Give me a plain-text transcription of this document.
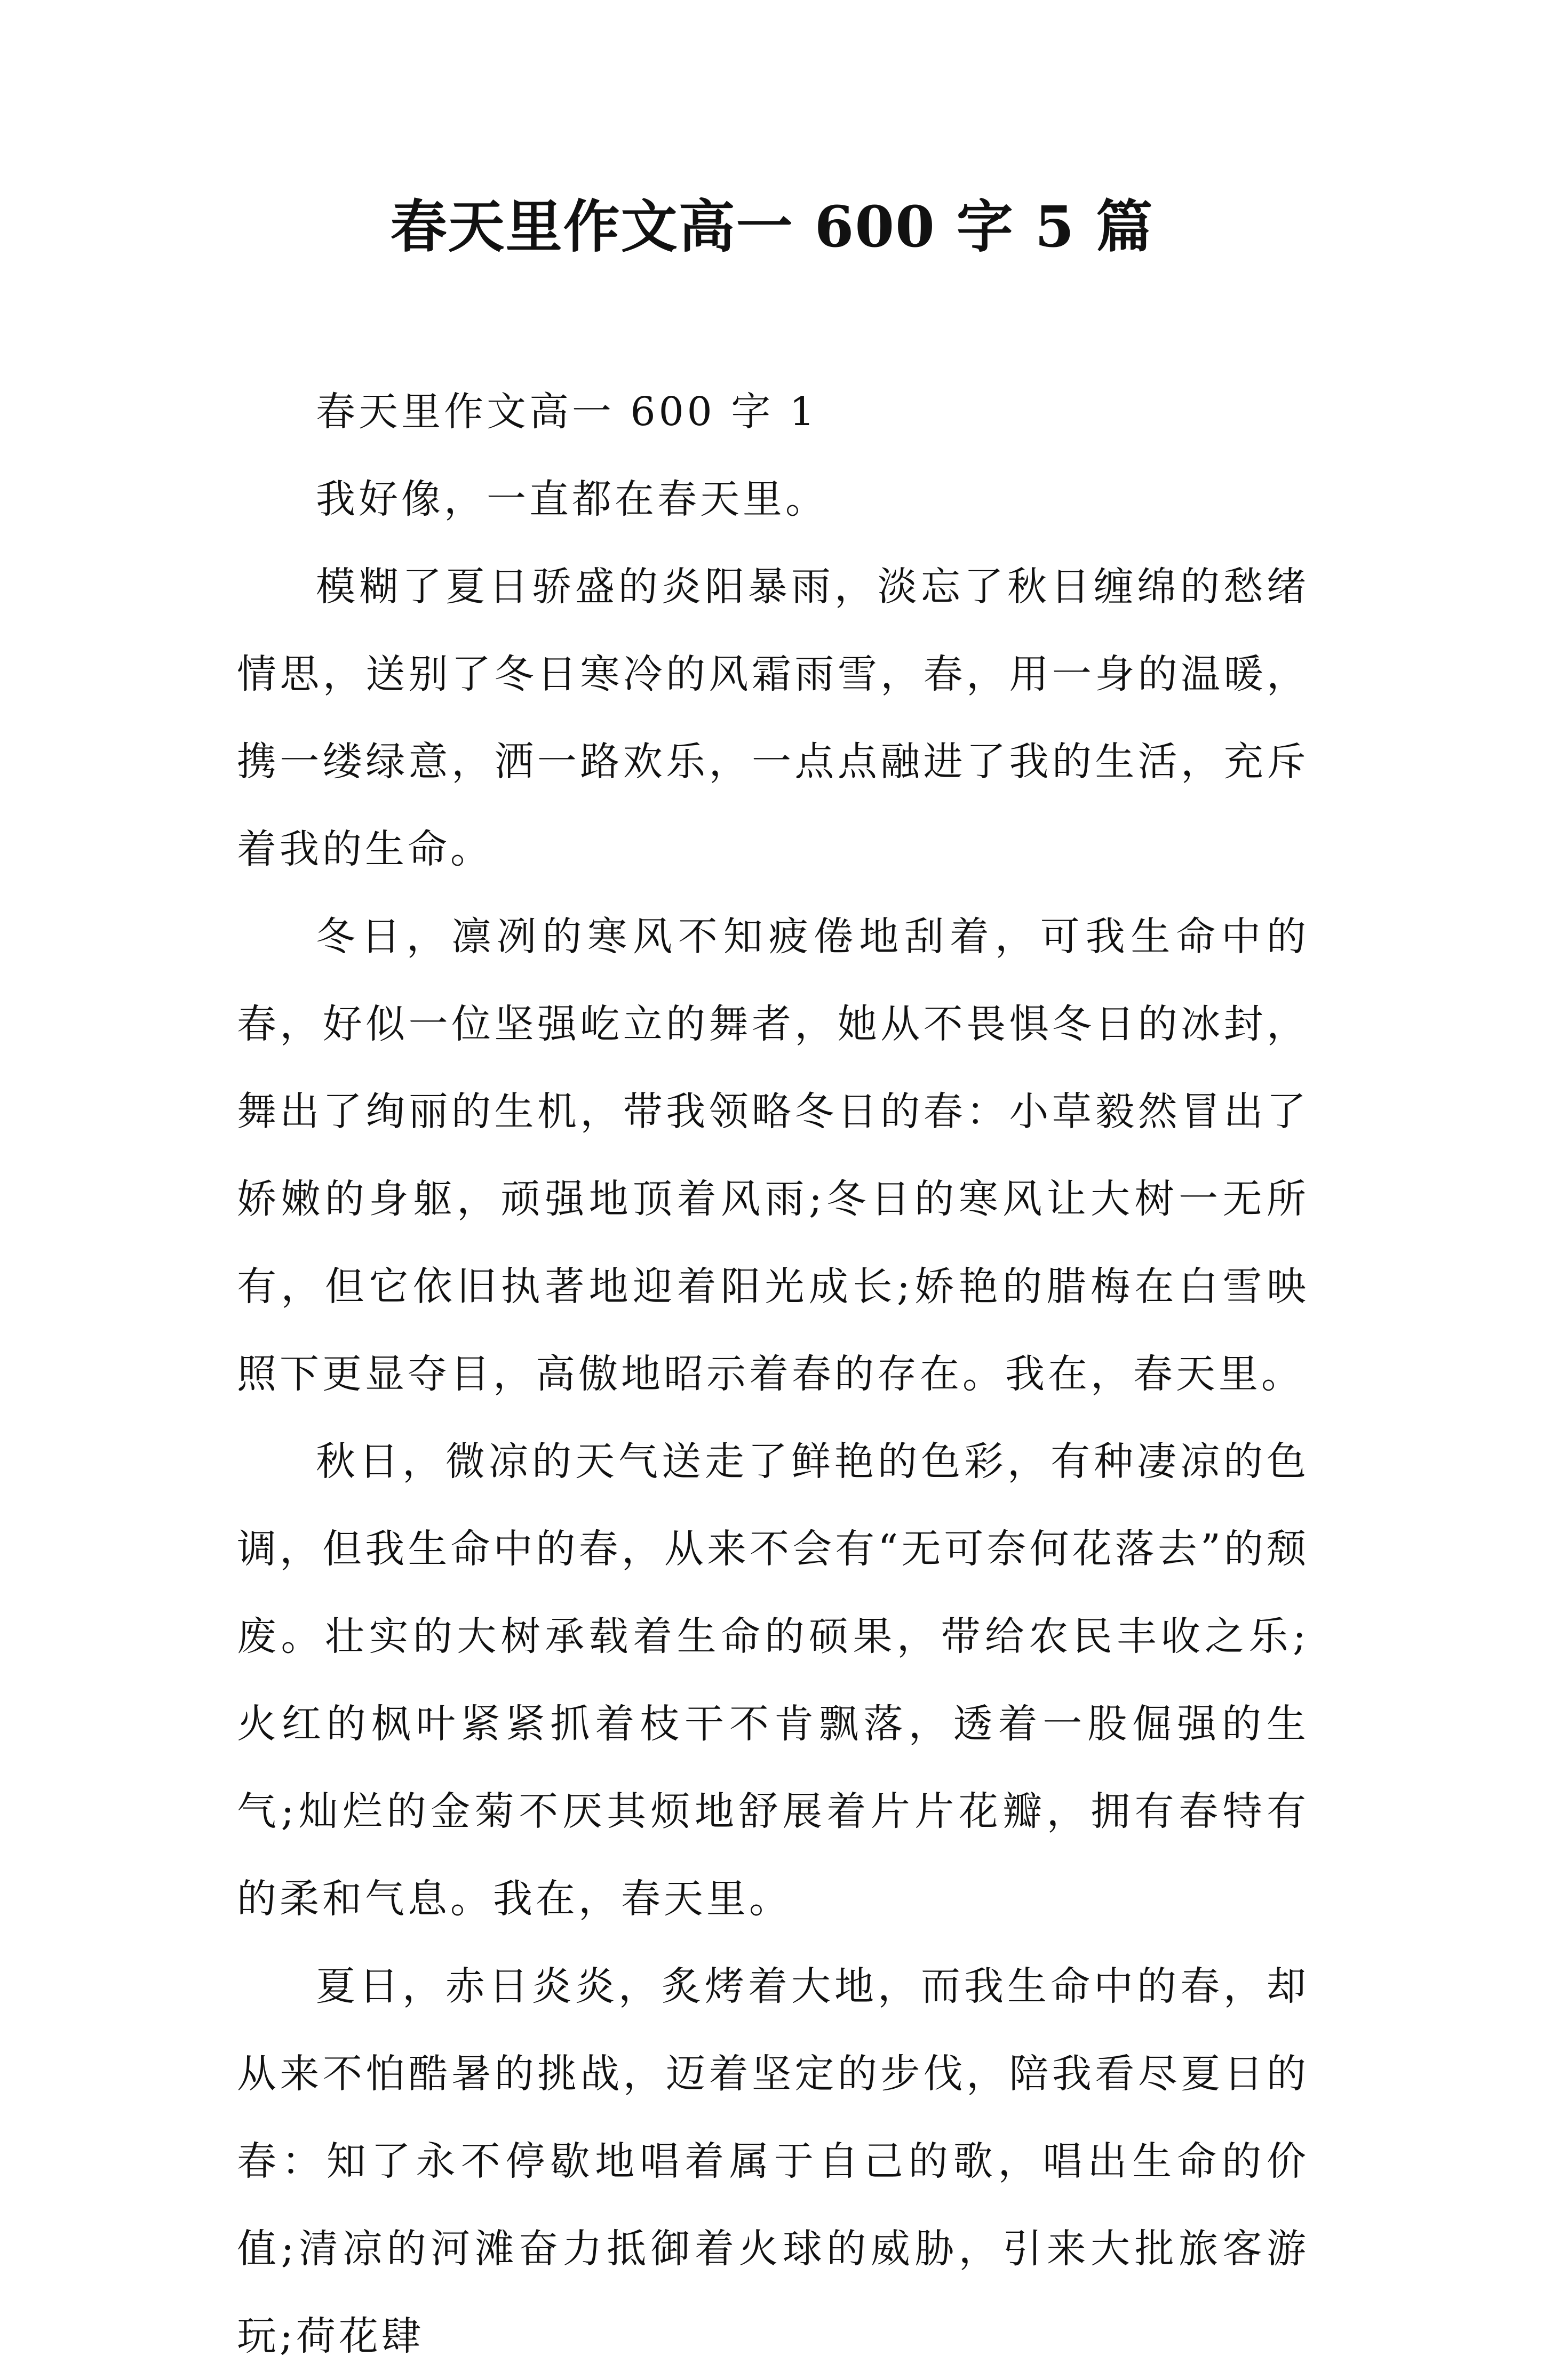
春天里作文高一 600 字 5 篇

春天里作文高一 600 字 1

我好像，一直都在春天里。

模糊了夏日骄盛的炎阳暴雨，淡忘了秋日缠绵的愁绪情思，送别了冬日寒冷的风霜雨雪，春，用一身的温暖，携一缕绿意，洒一路欢乐，一点点融进了我的生活，充斥着我的生命。

冬日，凛冽的寒风不知疲倦地刮着，可我生命中的春，好似一位坚强屹立的舞者，她从不畏惧冬日的冰封，舞出了绚丽的生机，带我领略冬日的春：小草毅然冒出了娇嫩的身躯，顽强地顶着风雨;冬日的寒风让大树一无所有，但它依旧执著地迎着阳光成长;娇艳的腊梅在白雪映照下更显夺目，高傲地昭示着春的存在。我在，春天里。

秋日，微凉的天气送走了鲜艳的色彩，有种凄凉的色调，但我生命中的春，从来不会有“无可奈何花落去”的颓废。壮实的大树承载着生命的硕果，带给农民丰收之乐;火红的枫叶紧紧抓着枝干不肯飘落，透着一股倔强的生气;灿烂的金菊不厌其烦地舒展着片片花瓣，拥有春特有的柔和气息。我在，春天里。

夏日，赤日炎炎，炙烤着大地，而我生命中的春，却从来不怕酷暑的挑战，迈着坚定的步伐，陪我看尽夏日的春：知了永不停歇地唱着属于自己的歌，唱出生命的价值;清凉的河滩奋力抵御着火球的威胁，引来大批旅客游玩;荷花肆
